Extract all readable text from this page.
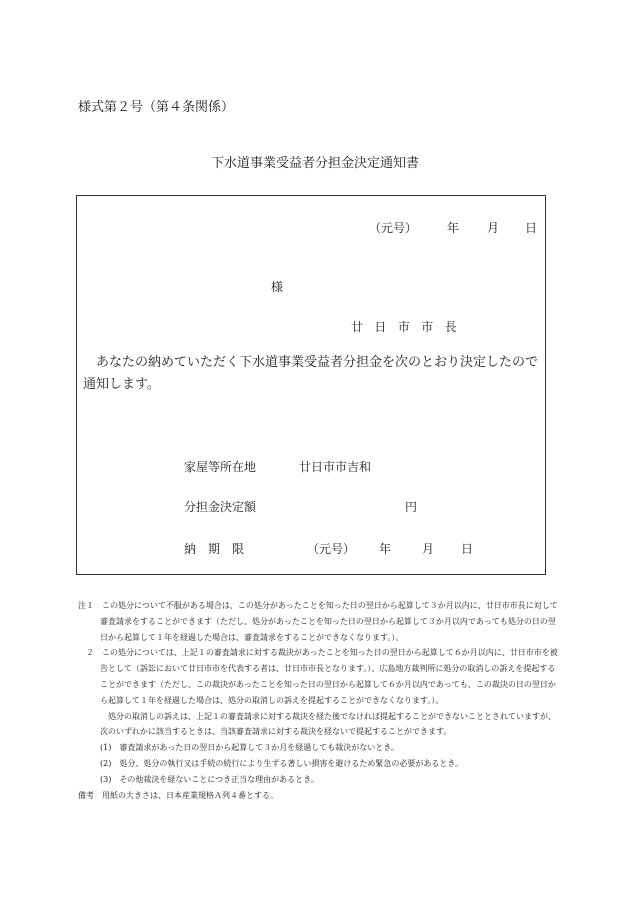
様式第２号（第４条関係）
下水道事業受益者分担金決定通知書
（元号）	年 月 日
様
廿日市市長
あなたの納めていただく下水道事業受益者分担金を次のとおり決定したので通知します。
家屋等所在地	廿日市市吉和
分担金決定額	円
納　期　限	（元号） 年	月 日
注１　この処分について不服がある場合は、この処分があったことを知った日の翌日から起算して３か月以内に、廿日市市長に対して審査請求をすることができます（ただし、処分があったことを知った日の翌日から起算して３か月以内であっても処分の日の翌日から起算して１年を経過した場合は、審査請求をすることができなくなります。）。
２　この処分については、上記１の審査請求に対する裁決があったことを知った日の翌日から起算して６か月以内に、廿日市市を被告として（訴訟において廿日市市を代表する者は、廿日市市長となります。）、広島地方裁判所に処分の取消しの訴えを提起することができます（ただし、この裁決があったことを知った日の翌日から起算して６か月以内であっても、この裁決の日の翌日から起算して１年を経過した場合は、処分の取消しの訴えを提起することができなくなります。）。
処分の取消しの訴えは、上記１の審査請求に対する裁決を経た後でなければ提起することができないこととされていますが、次のいずれかに該当するときは、当該審査請求に対する裁決を経ないで提起することができます。
(1)　審査請求があった日の翌日から起算して３か月を経過しても裁決がないとき。
(2)　処分、処分の執行又は手続の続行により生ずる著しい損害を避けるため緊急の必要があるとき。
(3)　その他裁決を経ないことにつき正当な理由があるとき。
備考　用紙の大きさは、日本産業規格Ａ列４番とする。
